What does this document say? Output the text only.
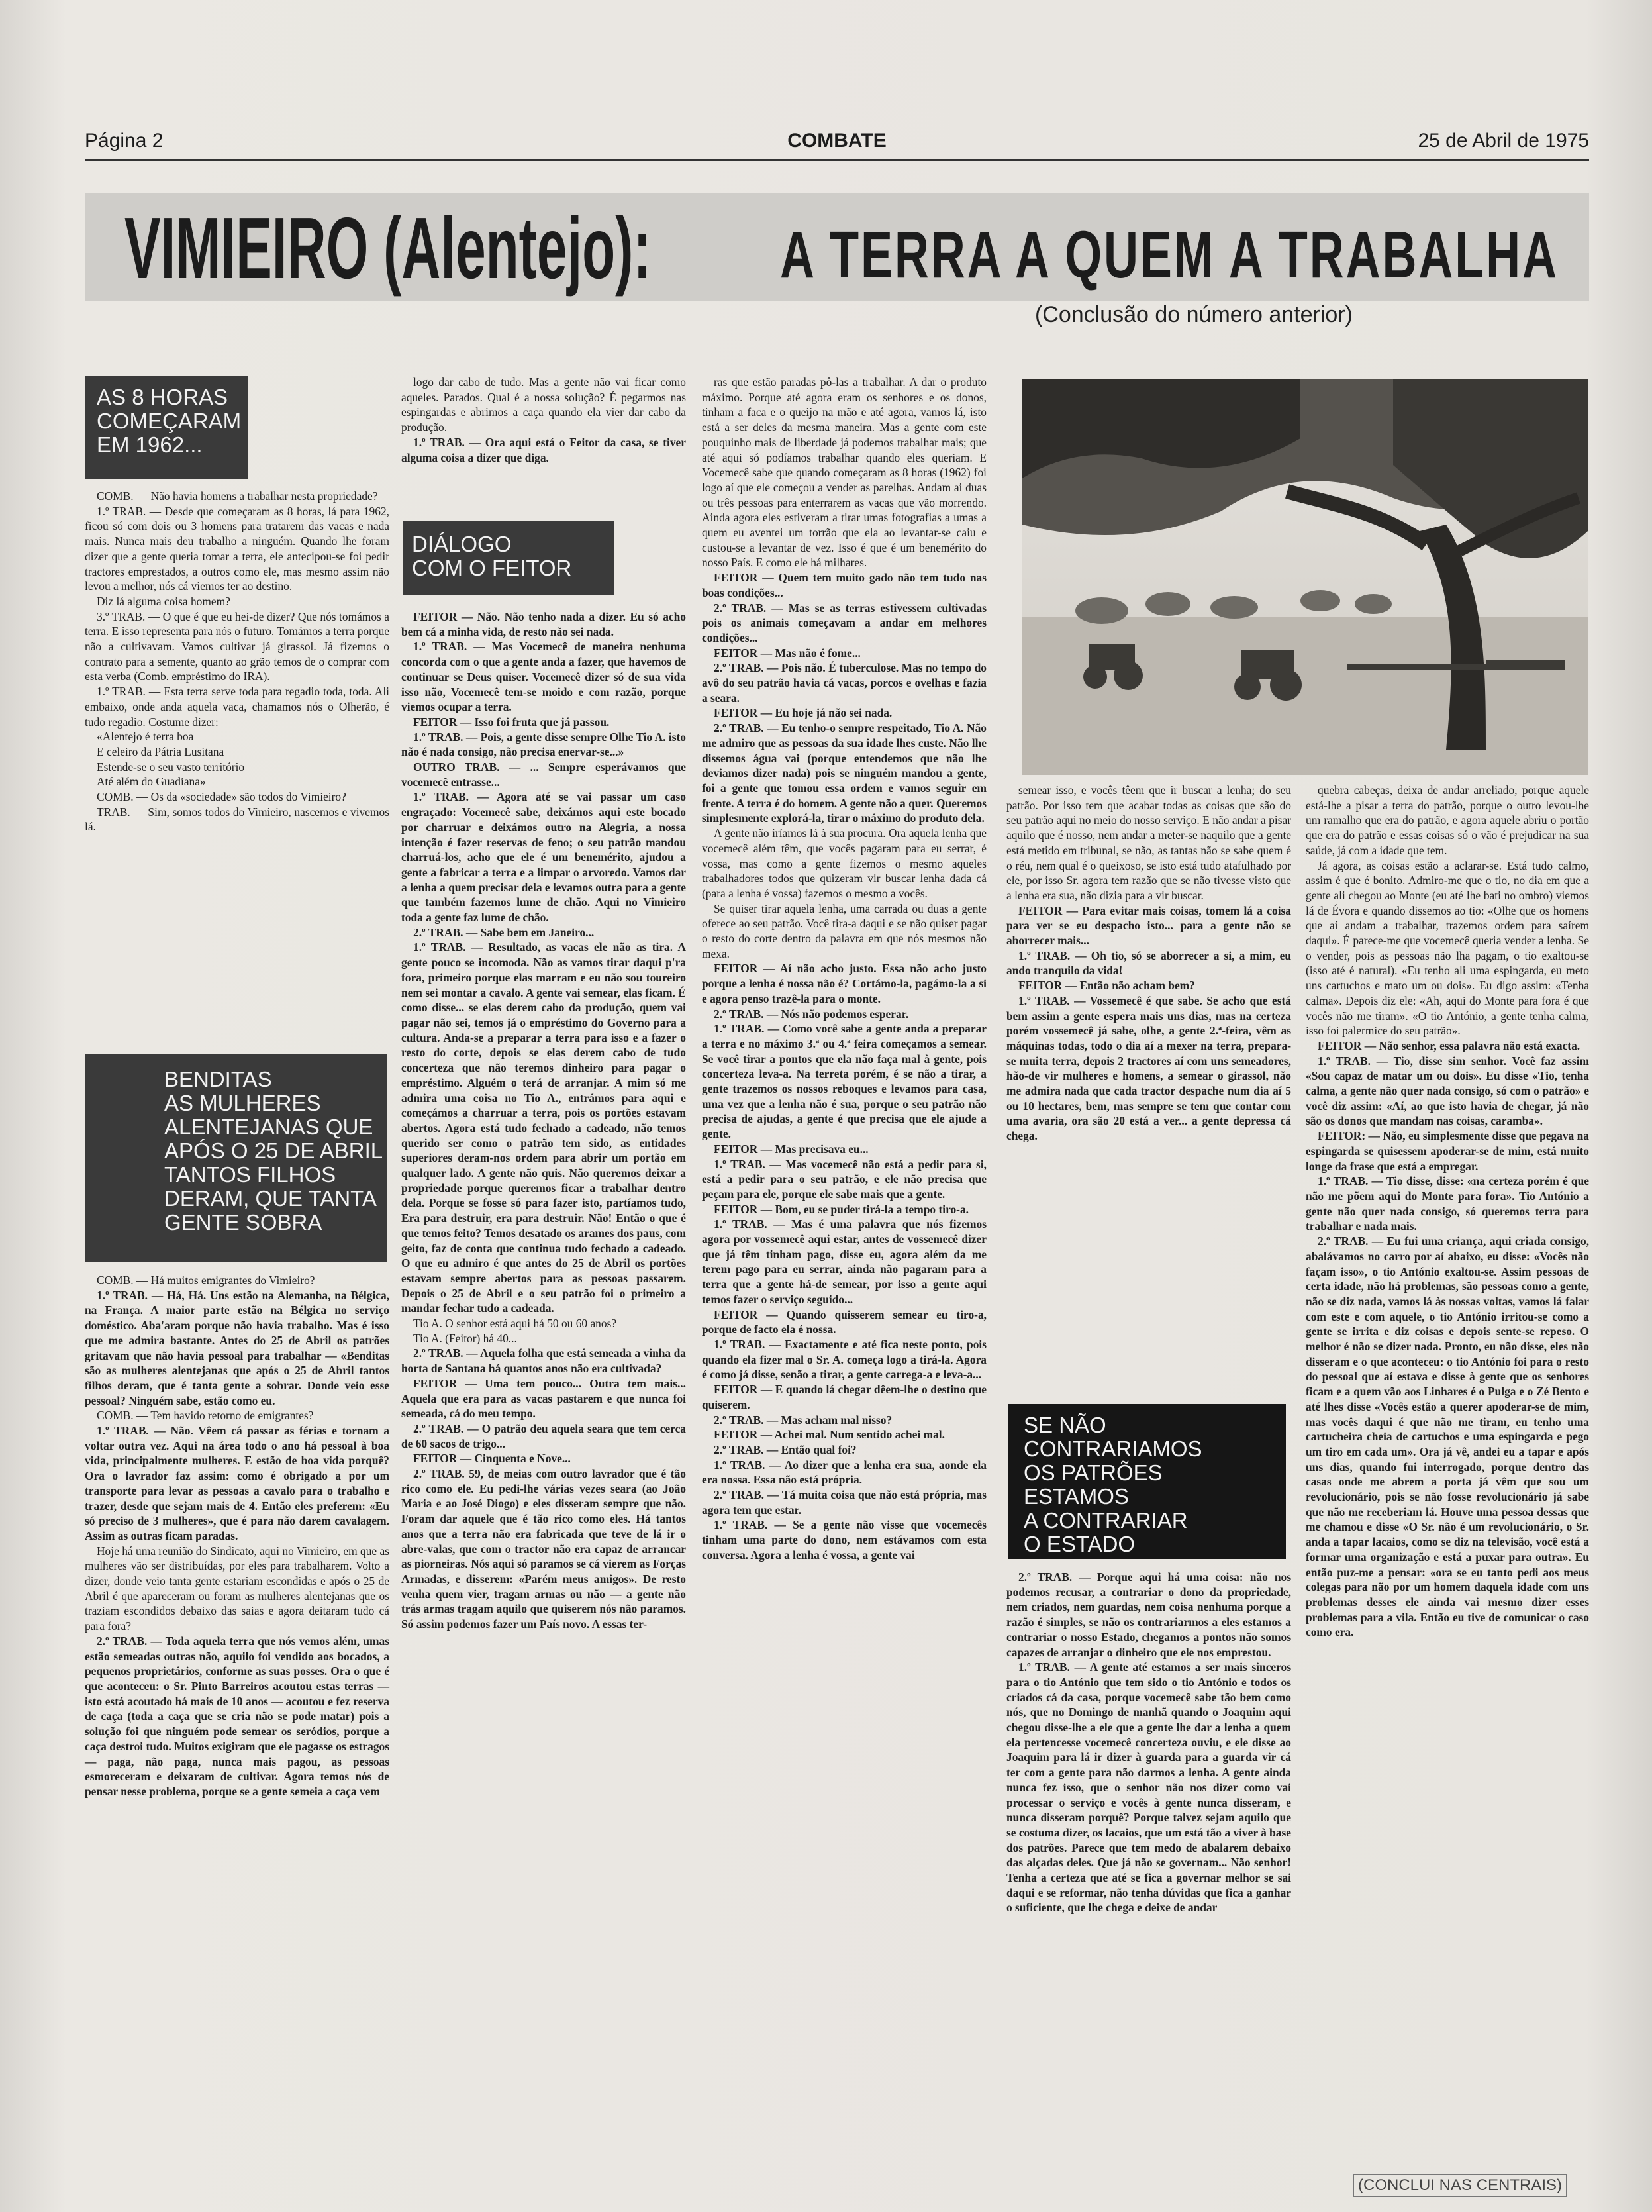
Página 2	COMBATE	25 de Abril de 1975
VIMIEIRO (Alentejo): A TERRA A QUEM A TRABALHA
(Conclusão do número anterior)
AS 8 HORAS
COMEÇARAM
EM 1962...

COMB. — Não havia homens a trabalhar nesta propriedade?

1.º TRAB. — Desde que começaram as 8 horas, lá para 1962, ficou só com dois ou 3 homens para tratarem das vacas e nada mais. Nunca mais deu trabalho a ninguém. Quando lhe foram dizer que a gente queria tomar a terra, ele antecipou-se foi pedir tractores emprestados, a outros como ele, mas mesmo assim não levou a melhor, nós cá viemos ter ao destino.

Diz lá alguma coisa homem?

3.º TRAB. — O que é que eu hei-de dizer? Que nós tomámos a terra. E isso representa para nós o futuro. Tomámos a terra porque não a cultivavam. Vamos cultivar já girassol. Já fizemos o contrato para a semente, quanto ao grão temos de o comprar com esta verba (Comb. empréstimo do IRA).

1.º TRAB. — Esta terra serve toda para regadio toda, toda. Ali embaixo, onde anda aquela vaca, chamamos nós o Olherão, é tudo regadio. Costume dizer:

«Alentejo é terra boa

E celeiro da Pátria Lusitana

Estende-se o seu vasto território

Até além do Guadiana»

COMB. — Os da «sociedade» são todos do Vimieiro?

TRAB. — Sim, somos todos do Vimieiro, nascemos e vivemos lá.

BENDITAS
AS MULHERES
ALENTEJANAS QUE
APÓS O 25 DE ABRIL
TANTOS FILHOS
DERAM, QUE TANTA
GENTE SOBRA

COMB. — Há muitos emigrantes do Vimieiro?

1.º TRAB. — Há, Há. Uns estão na Alemanha, na Bélgica, na França. A maior parte estão na Bélgica no serviço doméstico. Aba'aram porque não havia trabalho. Mas é isso que me admira bastante. Antes do 25 de Abril os patrões gritavam que não havia pessoal para trabalhar — «Benditas são as mulheres alentejanas que após o 25 de Abril tantos filhos deram, que é tanta gente a sobrar. Donde veio esse pessoal? Ninguém sabe, estão como eu.

COMB. — Tem havido retorno de emigrantes?

1.º TRAB. — Não. Vêem cá passar as férias e tornam a voltar outra vez. Aqui na área todo o ano há pessoal à boa vida, principalmente mulheres. E estão de boa vida porquê? Ora o lavrador faz assim: como é obrigado a por um transporte para levar as pessoas a cavalo para o trabalho e trazer, desde que sejam mais de 4. Então eles preferem: «Eu só preciso de 3 mulheres», que é para não darem cavalagem. Assim as outras ficam paradas.

Hoje há uma reunião do Sindicato, aqui no Vimieiro, em que as mulheres vão ser distribuídas, por eles para trabalharem. Volto a dizer, donde veio tanta gente estariam escondidas e após o 25 de Abril é que apareceram ou foram as mulheres alentejanas que os traziam escondidos debaixo das saias e agora deitaram tudo cá para fora?

2.º TRAB. — Toda aquela terra que nós vemos além, umas estão semeadas outras não, aquilo foi vendido aos bocados, a pequenos proprietários, conforme as suas posses. Ora o que é que aconteceu: o Sr. Pinto Barreiros acoutou estas terras — isto está acoutado há mais de 10 anos — acoutou e fez reserva de caça (toda a caça que se cria não se pode matar) pois a solução foi que ninguém pode semear os seródios, porque a caça destroi tudo. Muitos exigiram que ele pagasse os estragos — paga, não paga, nunca mais pagou, as pessoas esmoreceram e deixaram de cultivar. Agora temos nós de pensar nesse problema, porque se a gente semeia a caça vem

logo dar cabo de tudo. Mas a gente não vai ficar como aqueles. Parados. Qual é a nossa solução? É pegarmos nas espingardas e abrimos a caça quando ela vier dar cabo da produção.

1.º TRAB. — Ora aqui está o Feitor da casa, se tiver alguma coisa a dizer que diga.

DIÁLOGO
COM O FEITOR

FEITOR — Não. Não tenho nada a dizer. Eu só acho bem cá a minha vida, de resto não sei nada.

1.º TRAB. — Mas Vocemecê de maneira nenhuma concorda com o que a gente anda a fazer, que havemos de continuar se Deus quiser. Vocemecê dizer só de sua vida isso não, Vocemecê tem-se moido e com razão, porque viemos ocupar a terra.

FEITOR — Isso foi fruta que já passou.

1.º TRAB. — Pois, a gente disse sempre Olhe Tio A. isto não é nada consigo, não precisa enervar-se...»

OUTRO TRAB. — ... Sempre esperávamos que vocemecê entrasse...

1.º TRAB. — Agora até se vai passar um caso engraçado: Vocemecê sabe, deixámos aqui este bocado por charruar e deixámos outro na Alegria, a nossa intenção é fazer reservas de feno; o seu patrão mandou charruá-los, acho que ele é um benemérito, ajudou a gente a fabricar a terra e a limpar o arvoredo. Vamos dar a lenha a quem precisar dela e levamos outra para a gente que também fazemos lume de chão. Aqui no Vimieiro toda a gente faz lume de chão.

2.º TRAB. — Sabe bem em Janeiro...

1.º TRAB. — Resultado, as vacas ele não as tira. A gente pouco se incomoda. Não as vamos tirar daqui p'ra fora, primeiro porque elas marram e eu não sou toureiro nem sei montar a cavalo. A gente vai semear, elas ficam. É como disse... se elas derem cabo da produção, quem vai pagar não sei, temos já o empréstimo do Governo para a cultura. Anda-se a preparar a terra para isso e a fazer o resto do corte, depois se elas derem cabo de tudo concerteza que não teremos dinheiro para pagar o empréstimo. Alguém o terá de arranjar. A mim só me admira uma coisa no Tio A., entrámos para aqui e começámos a charruar a terra, pois os portões estavam abertos. Agora está tudo fechado a cadeado, não temos querido ser como o patrão tem sido, as entidades superiores deram-nos ordem para abrir um portão em qualquer lado. A gente não quis. Não queremos deixar a propriedade porque queremos ficar a trabalhar dentro dela. Porque se fosse só para fazer isto, partíamos tudo, Era para destruir, era para destruir. Não! Então o que é que temos feito? Temos desatado os arames dos paus, com geito, faz de conta que continua tudo fechado a cadeado. O que eu admiro é que antes do 25 de Abril os portões estavam sempre abertos para as pessoas passarem. Depois o 25 de Abril e o seu patrão foi o primeiro a mandar fechar tudo a cadeada.

Tio A. O senhor está aqui há 50 ou 60 anos?

Tio A. (Feitor) há 40...

2.º TRAB. — Aquela folha que está semeada a vinha da horta de Santana há quantos anos não era cultivada?

FEITOR — Uma tem pouco... Outra tem mais... Aquela que era para as vacas pastarem e que nunca foi semeada, cá do meu tempo.

2.º TRAB. — O patrão deu aquela seara que tem cerca de 60 sacos de trigo...

FEITOR — Cinquenta e Nove...

2.º TRAB. 59, de meias com outro lavrador que é tão rico como ele. Eu pedi-lhe várias vezes seara (ao João Maria e ao José Diogo) e eles disseram sempre que não. Foram dar aquele que é tão rico como eles. Há tantos anos que a terra não era fabricada que teve de lá ir o abre-valas, que com o tractor não era capaz de arrancar as piorneiras. Nós aqui só paramos se cá vierem as Forças Armadas, e disserem: «Parém meus amigos». De resto venha quem vier, tragam armas ou não — a gente não trás armas tragam aquilo que quiserem nós não paramos. Só assim podemos fazer um País novo. A essas ter-

ras que estão paradas pô-las a trabalhar. A dar o produto máximo. Porque até agora eram os senhores e os donos, tinham a faca e o queijo na mão e até agora, vamos lá, isto está a ser deles da mesma maneira. Mas a gente com este pouquinho mais de liberdade já podemos trabalhar mais; que até aqui só podíamos trabalhar quando eles queriam. E Vocemecê sabe que quando começaram as 8 horas (1962) foi logo aí que ele começou a vender as parelhas. Andam ai duas ou três pessoas para enterrarem as vacas que vão morrendo. Ainda agora eles estiveram a tirar umas fotografias a umas a quem eu aventei um torrão que ela ao levantar-se caiu e custou-se a levantar de vez. Isso é que é um benemérito do nosso País. E como ele há milhares.

FEITOR — Quem tem muito gado não tem tudo nas boas condições...

2.º TRAB. — Mas se as terras estivessem cultivadas pois os animais começavam a andar em melhores condições...

FEITOR — Mas não é fome...

2.º TRAB. — Pois não. É tuberculose. Mas no tempo do avô do seu patrão havia cá vacas, porcos e ovelhas e fazia a seara.

FEITOR — Eu hoje já não sei nada.

2.º TRAB. — Eu tenho-o sempre respeitado, Tio A. Não me admiro que as pessoas da sua idade lhes custe. Não lhe dissemos água vai (porque entendemos que não lhe deviamos dizer nada) pois se ninguém mandou a gente, foi a gente que tomou essa ordem e vamos seguir em frente. A terra é do homem. A gente não a quer. Queremos simplesmente explorá-la, tirar o máximo do produto dela.

A gente não iríamos lá à sua procura. Ora aquela lenha que vocemecê além têm, que vocês pagaram para eu serrar, é vossa, mas como a gente fizemos o mesmo aqueles trabalhadores todos que quizeram vir buscar lenha dada cá (para a lenha é vossa) fazemos o mesmo a vocês.

Se quiser tirar aquela lenha, uma carrada ou duas a gente oferece ao seu patrão. Você tira-a daqui e se não quiser pagar o resto do corte dentro da palavra em que nós mesmos não mexa.

FEITOR — Aí não acho justo. Essa não acho justo porque a lenha é nossa não é? Cortámo-la, pagámo-la a si e agora penso trazê-la para o monte.

2.º TRAB. — Nós não podemos esperar.

1.º TRAB. — Como você sabe a gente anda a preparar a terra e no máximo 3.ª ou 4.ª feira começamos a semear. Se você tirar a pontos que ela não faça mal à gente, pois concerteza leva-a. Na terreta porém, é se não a tirar, a gente trazemos os nossos reboques e levamos para casa, uma vez que a lenha não é sua, porque o seu patrão não precisa de ajudas, a gente é que precisa que ele ajude a gente.

FEITOR — Mas precisava eu...

1.º TRAB. — Mas vocemecê não está a pedir para si, está a pedir para o seu patrão, e ele não precisa que peçam para ele, porque ele sabe mais que a gente.

FEITOR — Bom, eu se puder tirá-la a tempo tiro-a.

1.º TRAB. — Mas é uma palavra que nós fizemos agora por vossemecê aqui estar, antes de vossemecê dizer que já têm tinham pago, disse eu, agora além da me terem pago para eu serrar, ainda não pagaram para a terra que a gente há-de semear, por isso a gente aqui temos fazer o serviço seguido...

FEITOR — Quando quisserem semear eu tiro-a, porque de facto ela é nossa.

1.º TRAB. — Exactamente e até fica neste ponto, pois quando ela fizer mal o Sr. A. começa logo a tirá-la. Agora é como já disse, senão a tirar, a gente carrega-a e leva-a...

FEITOR — E quando lá chegar dêem-lhe o destino que quiserem.

2.º TRAB. — Mas acham mal nisso?

FEITOR — Achei mal. Num sentido achei mal.

2.º TRAB. — Então qual foi?

1.º TRAB. — Ao dizer que a lenha era sua, aonde ela era nossa. Essa não está própria.

2.º TRAB. — Tá muita coisa que não está própria, mas agora tem que estar.

1.º TRAB. — Se a gente não visse que vocemecês tinham uma parte do dono, nem estávamos com esta conversa. Agora a lenha é vossa, a gente vai

semear isso, e vocês têem que ir buscar a lenha; do seu patrão. Por isso tem que acabar todas as coisas que são do seu patrão aqui no meio do nosso serviço. E não andar a pisar aquilo que é nosso, nem andar a meter-se naquilo que a gente está metido em tribunal, se não, as tantas não se sabe quem é o réu, nem qual é o queixoso, se isto está tudo atafulhado por ele, por isso Sr. agora tem razão que se não tivesse visto que a lenha era sua, não dizia para a vir buscar.

FEITOR — Para evitar mais coisas, tomem lá a coisa para ver se eu despacho isto... para a gente não se aborrecer mais...

1.º TRAB. — Oh tio, só se aborrecer a si, a mim, eu ando tranquilo da vida!

FEITOR — Então não acham bem?

1.º TRAB. — Vossemecê é que sabe. Se acho que está bem assim a gente espera mais uns dias, mas na certeza porém vossemecê já sabe, olhe, a gente 2.ª-feira, vêm as máquinas todas, todo o dia aí a mexer na terra, prepara-se muita terra, depois 2 tractores aí com uns semeadores, hão-de vir mulheres e homens, a semear o girassol, não me admira nada que cada tractor despache num dia aí 5 ou 10 hectares, bem, mas sempre se tem que contar com uma avaria, ora são 20 está a ver... a gente depressa cá chega.

SE NÃO
CONTRARIAMOS
OS PATRÕES
ESTAMOS
A CONTRARIAR
O ESTADO

2.º TRAB. — Porque aqui há uma coisa: não nos podemos recusar, a contrariar o dono da propriedade, nem criados, nem guardas, nem coisa nenhuma porque a razão é simples, se não os contrariarmos a eles estamos a contrariar o nosso Estado, chegamos a pontos não somos capazes de arranjar o dinheiro que ele nos emprestou.

1.º TRAB. — A gente até estamos a ser mais sinceros para o tio António que tem sido o tio António e todos os criados cá da casa, porque vocemecê sabe tão bem como nós, que no Domingo de manhã quando o Joaquim aqui chegou disse-lhe a ele que a gente lhe dar a lenha a quem ela pertencesse vocemecê concerteza ouviu, e ele disse ao Joaquim para lá ir dizer à guarda para a guarda vir cá ter com a gente para não darmos a lenha. A gente ainda nunca fez isso, que o senhor não nos dizer como vai processar o serviço e vocês à gente nunca disseram, e nunca disseram porquê? Porque talvez sejam aquilo que se costuma dizer, os lacaios, que um está tão a viver à base dos patrões. Parece que tem medo de abalarem debaixo das alçadas deles. Que já não se governam... Não senhor! Tenha a certeza que até se fica a governar melhor se sai daqui e se reformar, não tenha dúvidas que fica a ganhar o suficiente, que lhe chega e deixe de andar

quebra cabeças, deixa de andar arreliado, porque aquele está-lhe a pisar a terra do patrão, porque o outro levou-lhe um ramalho que era do patrão, e agora aquele abriu o portão que era do patrão e essas coisas só o vão é prejudicar na sua saúde, já com a idade que tem.

Já agora, as coisas estão a aclarar-se. Está tudo calmo, assim é que é bonito. Admiro-me que o tio, no dia em que a gente ali chegou ao Monte (eu até lhe bati no ombro) viemos lá de Évora e quando dissemos ao tio: «Olhe que os homens que aí andam a trabalhar, trazemos ordem para saírem daqui». É parece-me que vocemecê queria vender a lenha. Se o vender, pois as pessoas não lha pagam, o tio exaltou-se (isso até é natural). «Eu tenho ali uma espingarda, eu meto uns cartuchos e mato um ou dois». Eu digo assim: «Tenha calma». Depois diz ele: «Ah, aqui do Monte para fora é que vocês não me tiram». «O tio António, a gente tenha calma, isso foi palermice do seu patrão».

FEITOR — Não senhor, essa palavra não está exacta.

1.º TRAB. — Tio, disse sim senhor. Você faz assim «Sou capaz de matar um ou dois». Eu disse «Tio, tenha calma, a gente não quer nada consigo, só com o patrão» e você diz assim: «Aí, ao que isto havia de chegar, já não são os donos que mandam nas coisas, caramba».

FEITOR: — Não, eu simplesmente disse que pegava na espingarda se quisessem apoderar-se de mim, está muito longe da frase que está a empregar.

1.º TRAB. — Tio disse, disse: «na certeza porém é que não me põem aqui do Monte para fora». Tio António a gente não quer nada consigo, só queremos terra para trabalhar e nada mais.

2.º TRAB. — Eu fui uma criança, aqui criada consigo, abalávamos no carro por aí abaixo, eu disse: «Vocês não façam isso», o tio António exaltou-se. Assim pessoas de certa idade, não há problemas, são pessoas como a gente, não se diz nada, vamos lá às nossas voltas, vamos lá falar com este e com aquele, o tio António irritou-se como a gente se irrita e diz coisas e depois sente-se repeso. O melhor é não se dizer nada. Pronto, eu não disse, eles não disseram e o que aconteceu: o tio António foi para o resto do pessoal que aí estava e disse à gente que os senhores ficam e a quem vão aos Linhares é o Pulga e o Zé Bento e até lhes disse «Vocês estão a querer apoderar-se de mim, mas vocês daqui é que não me tiram, eu tenho uma cartucheira cheia de cartuchos e uma espingarda e pego um tiro em cada um». Ora já vê, andei eu a tapar e após uns dias, quando fui interrogado, porque dentro das casas onde me abrem a porta já vêm que sou um revolucionário, pois se não fosse revolucionário já sabe que não me receberiam lá. Houve uma pessoa dessas que me chamou e disse «O Sr. não é um revolucionário, o Sr. anda a tapar lacaios, como se diz na televisão, você está a formar uma organização e está a puxar para outra». Eu então puz-me a pensar: «ora se eu tanto pedi aos meus colegas para não por um homem daquela idade com uns problemas desses ele ainda vai mesmo dizer esses problemas para a vila. Então eu tive de comunicar o caso como era.

(CONCLUI NAS CENTRAIS)
